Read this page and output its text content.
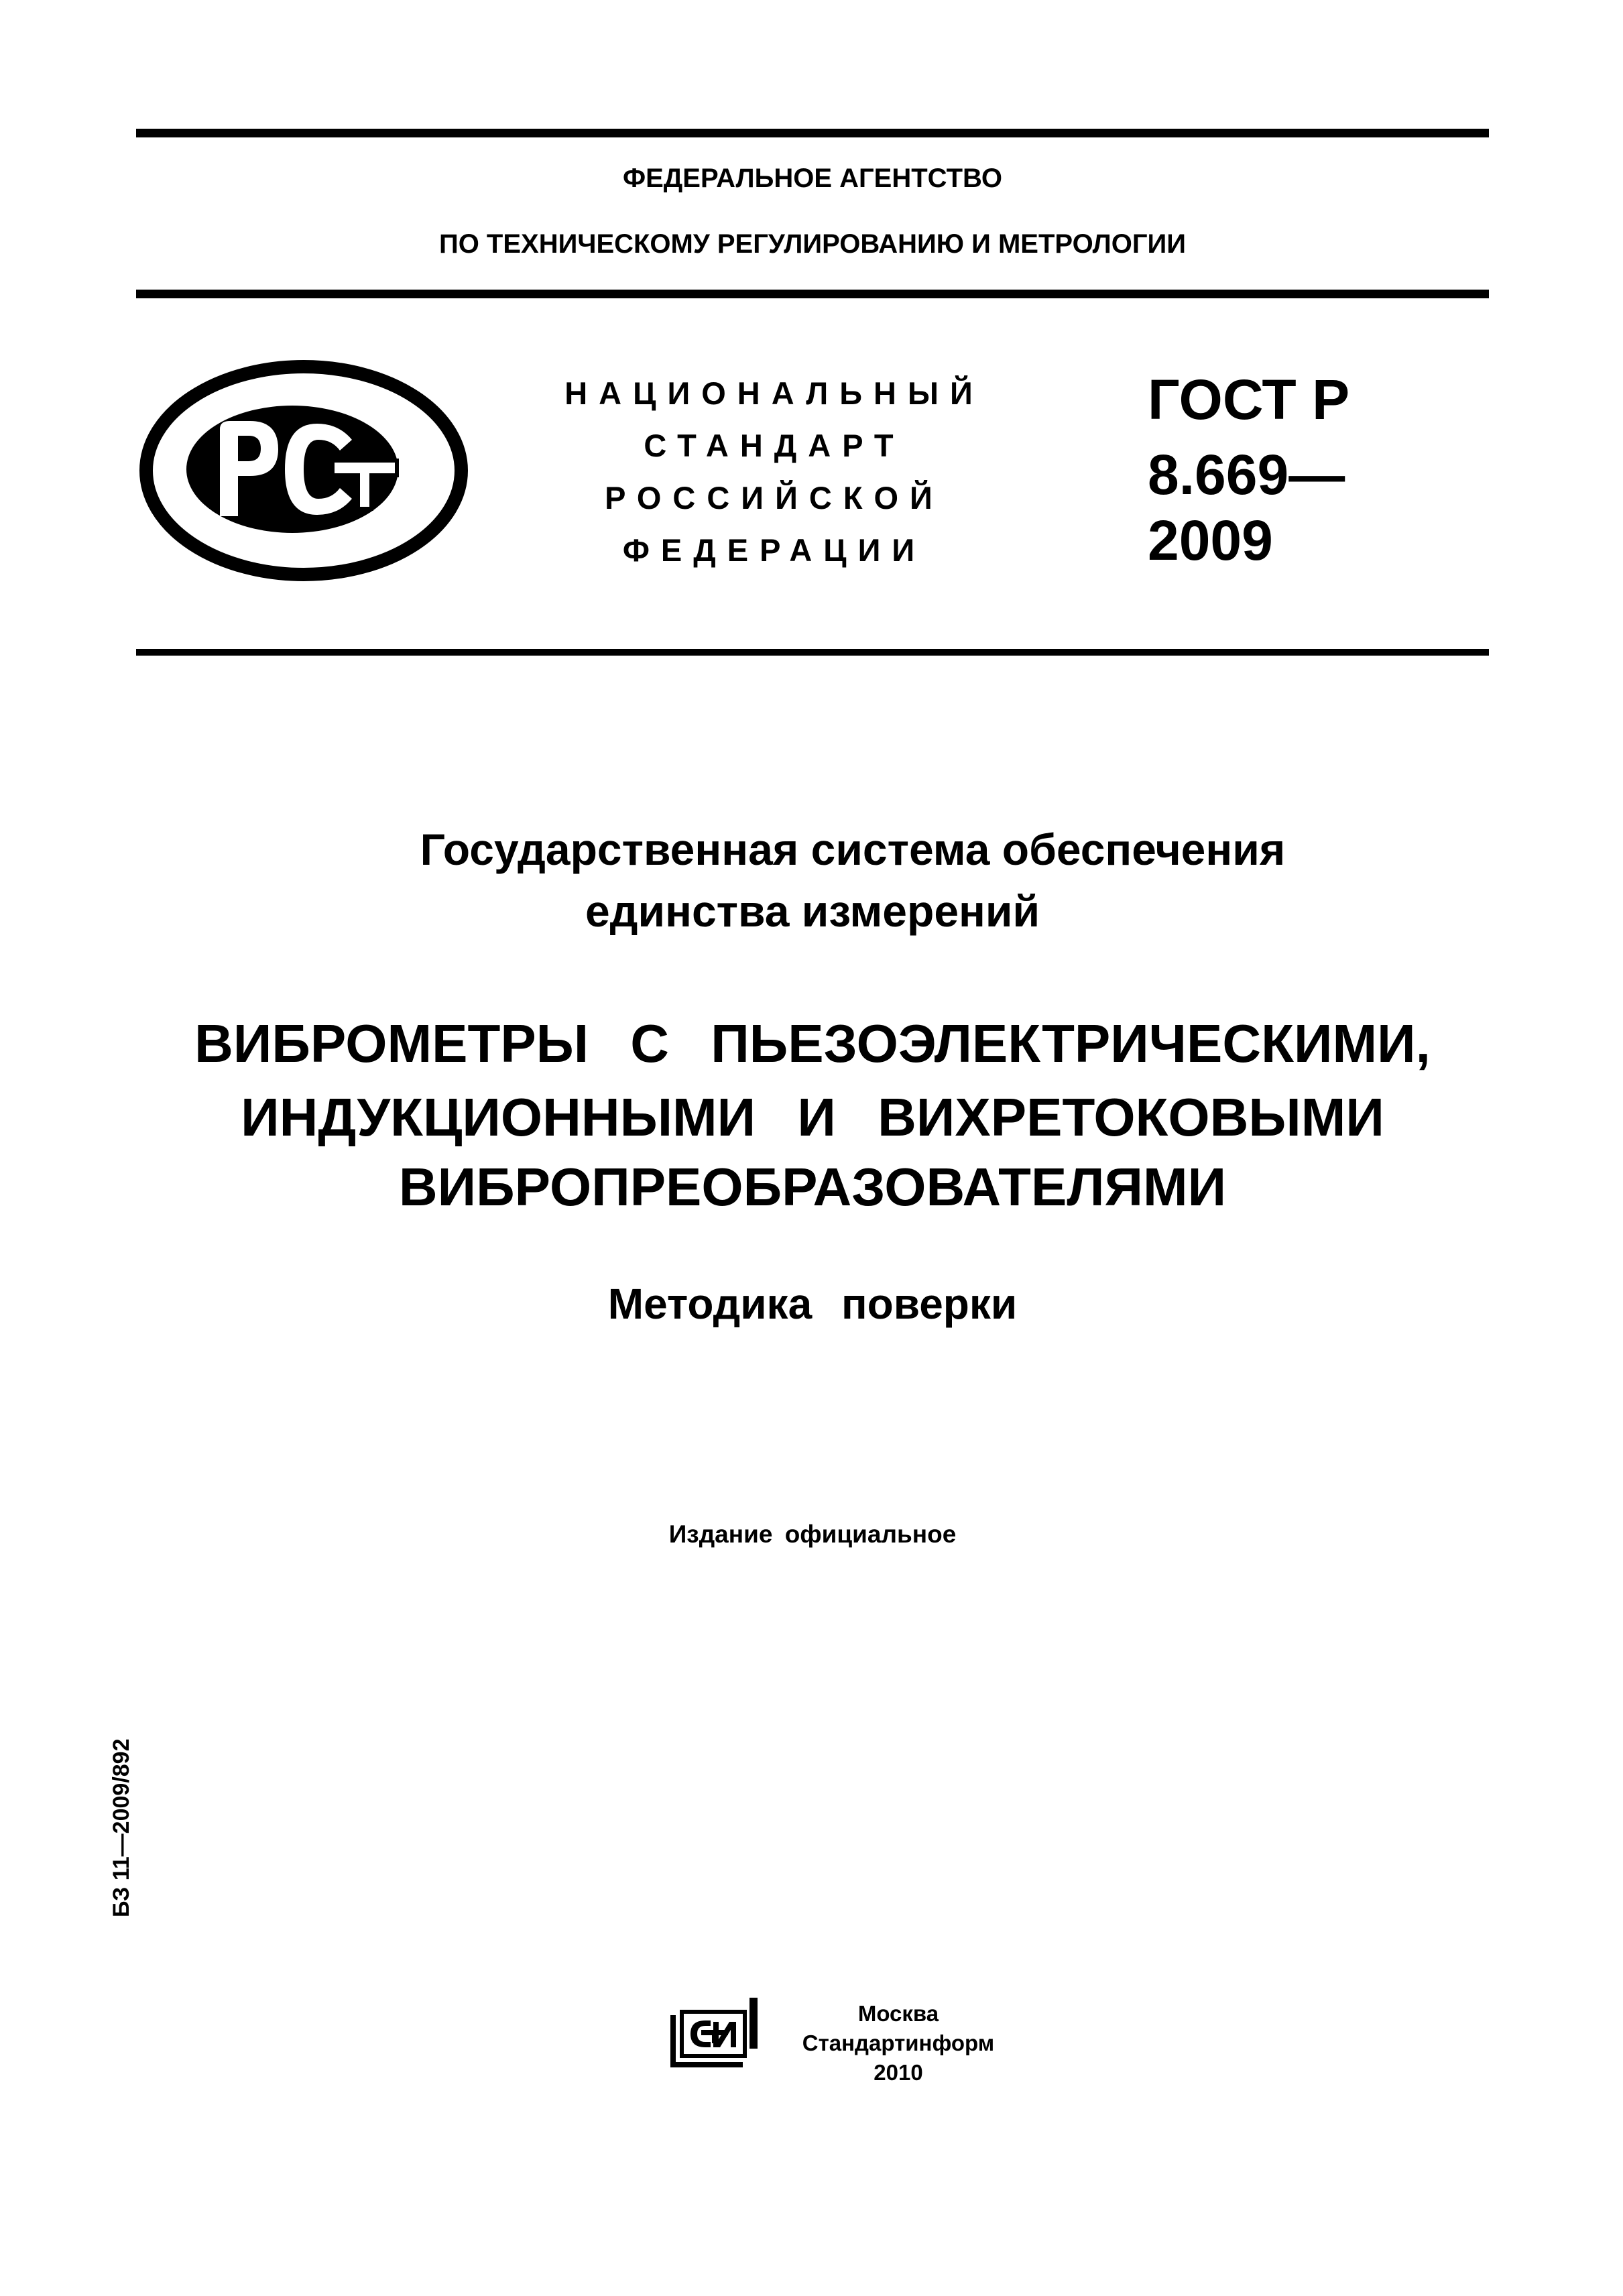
ФЕДЕРАЛЬНОЕ АГЕНТСТВО
ПО ТЕХНИЧЕСКОМУ РЕГУЛИРОВАНИЮ И МЕТРОЛОГИИ
НАЦИОНАЛЬНЫЙ
СТАНДАРТ
РОССИЙСКОЙ
ФЕДЕРАЦИИ
ГОСТ Р
8.669—
2009
Государственная система обеспечения
единства измерений
ВИБРОМЕТРЫ С ПЬЕЗОЭЛЕКТРИЧЕСКИМИ,
ИНДУКЦИОННЫМИ И ВИХРЕТОКОВЫМИ
ВИБРОПРЕОБРАЗОВАТЕЛЯМИ
Методика поверки
Издание официальное
БЗ 11—2009/892
Москва
Стандартинформ
2010
